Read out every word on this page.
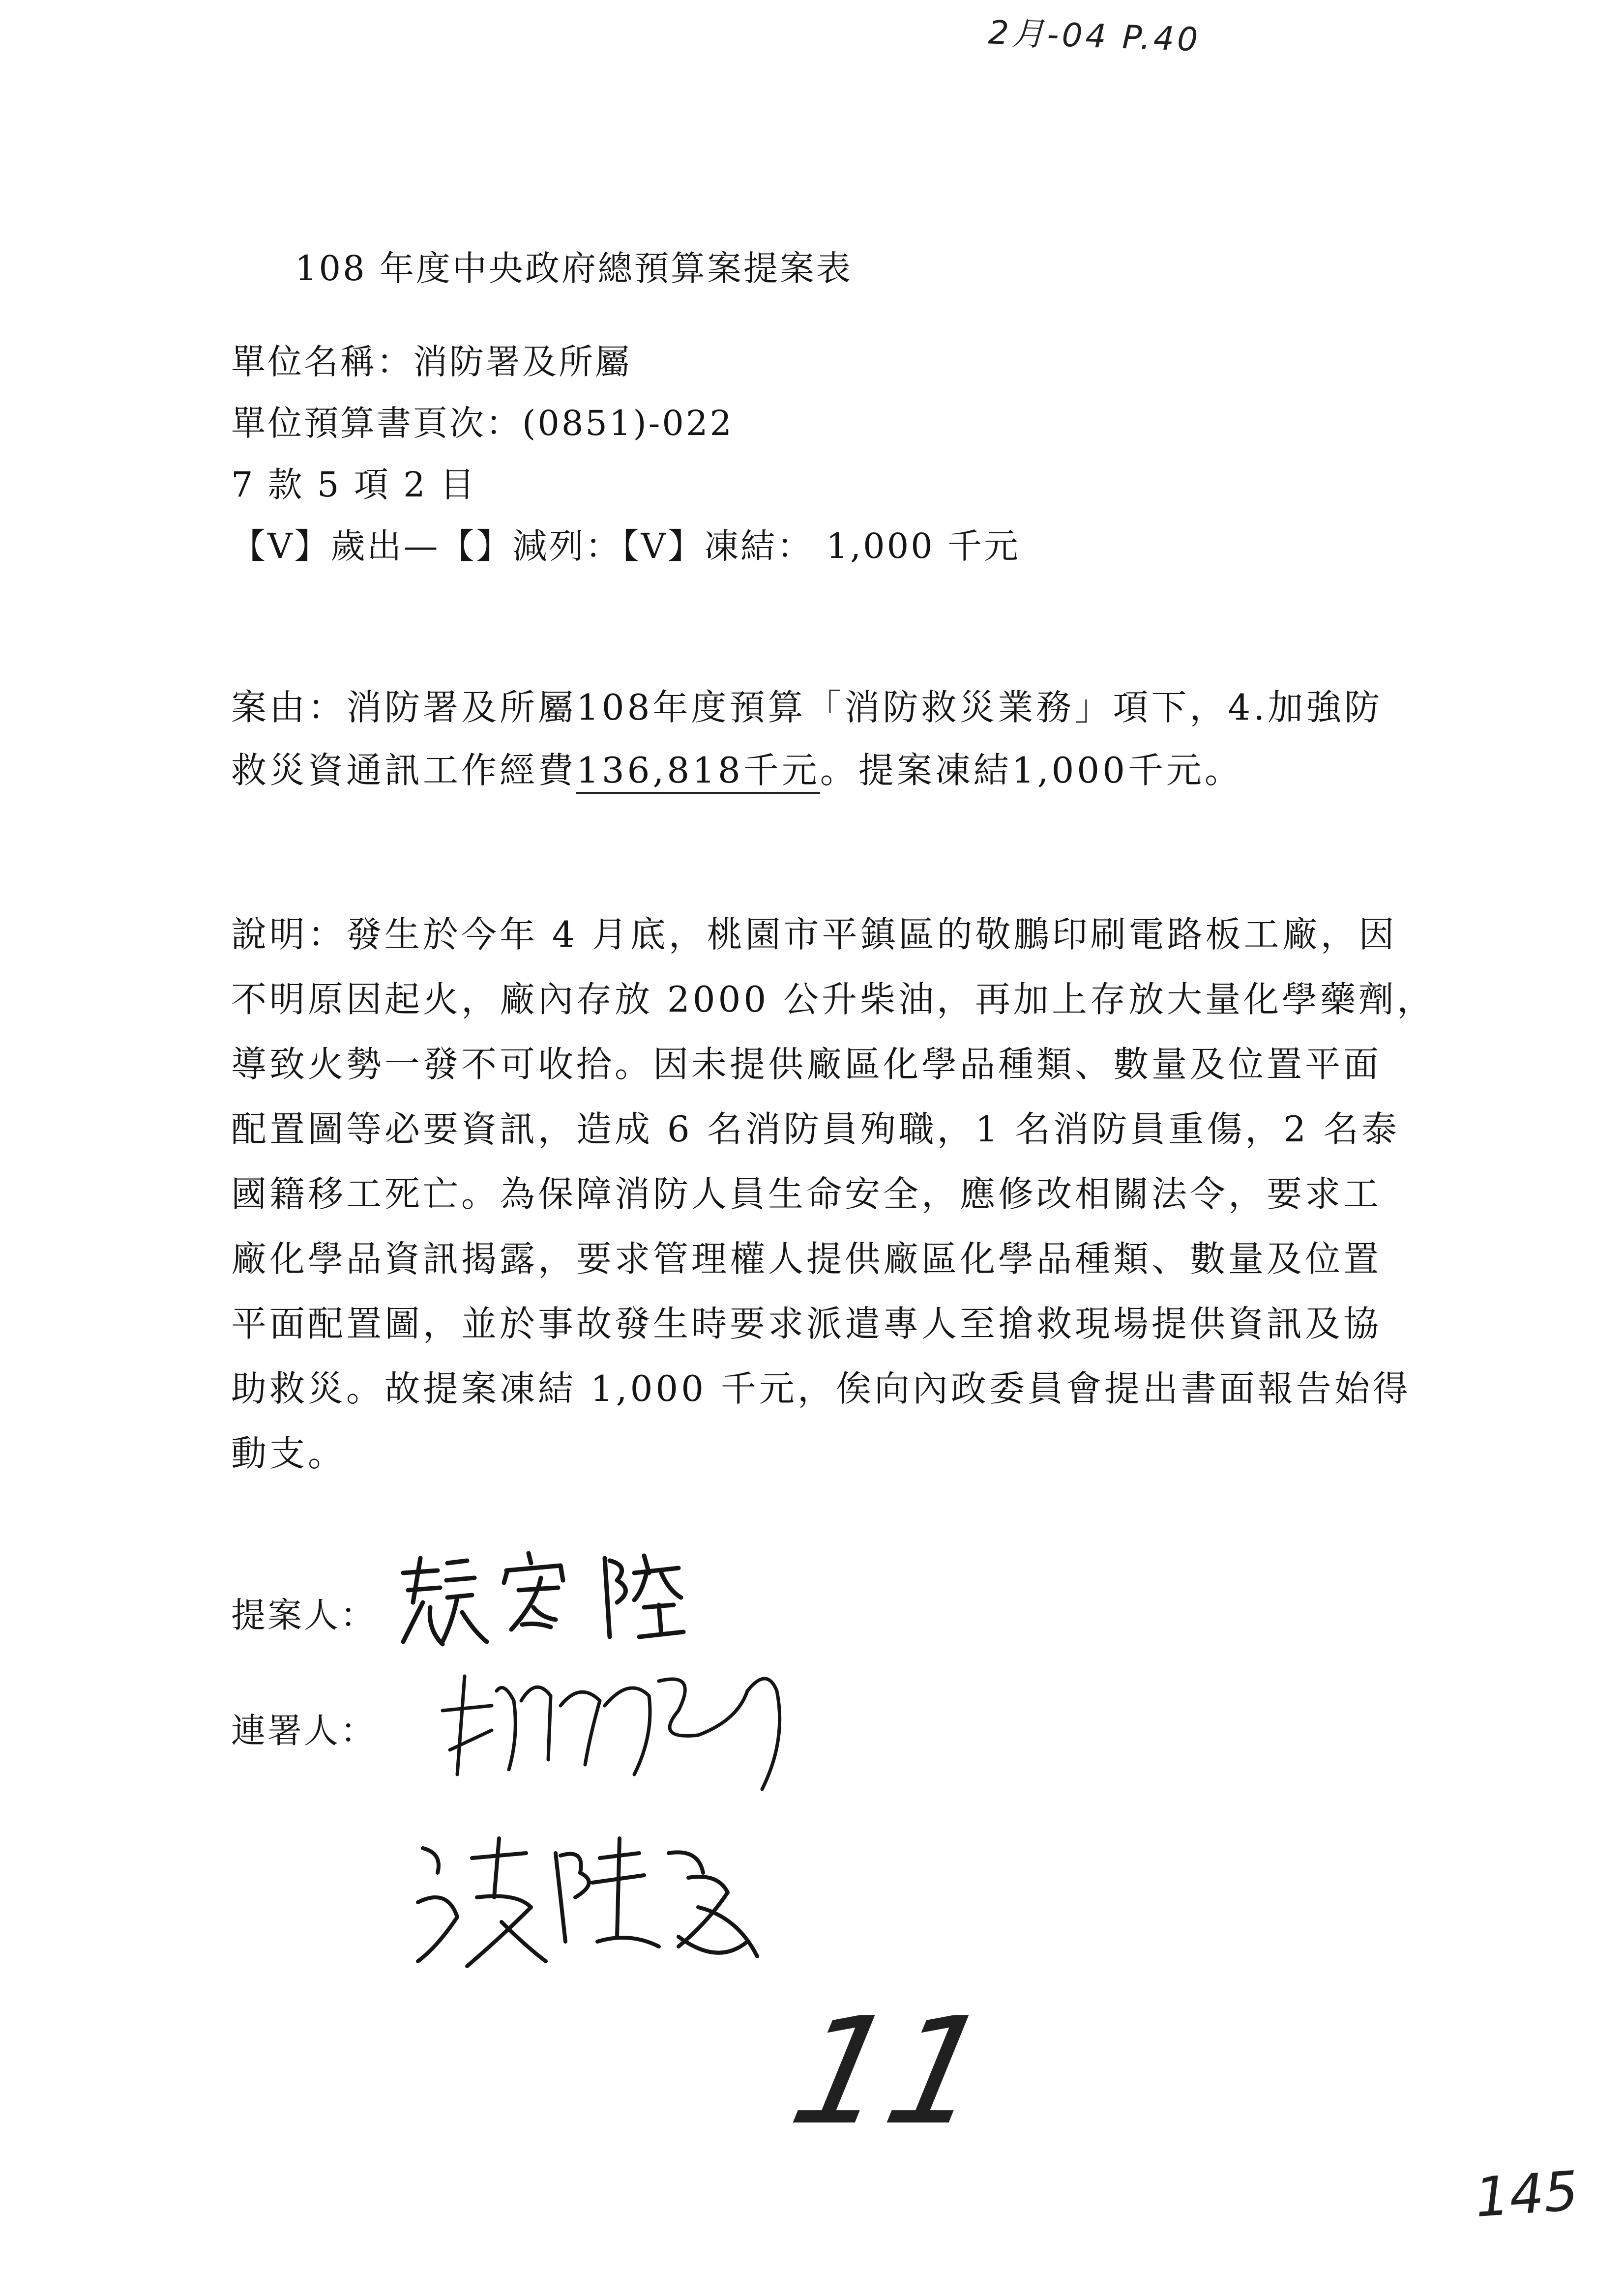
2月-04 P.40
108 年度中央政府總預算案提案表
單位名稱：消防署及所屬
單位預算書頁次：(0851)-022
7 款 5 項 2 目
【V】歲出—【】減列：【V】凍結： 1,000 千元
案由：消防署及所屬108年度預算「消防救災業務」項下，4.加強防
救災資通訊工作經費136,818千元。提案凍結1,000千元。
說明：發生於今年 4 月底，桃園市平鎮區的敬鵬印刷電路板工廠，因
不明原因起火，廠內存放 2000 公升柴油，再加上存放大量化學藥劑，
導致火勢一發不可收拾。因未提供廠區化學品種類、數量及位置平面
配置圖等必要資訊，造成 6 名消防員殉職，1 名消防員重傷，2 名泰
國籍移工死亡。為保障消防人員生命安全，應修改相關法令，要求工
廠化學品資訊揭露，要求管理權人提供廠區化學品種類、數量及位置
平面配置圖，並於事故發生時要求派遣專人至搶救現場提供資訊及協
助救災。故提案凍結 1,000 千元，俟向內政委員會提出書面報告始得
動支。
提案人：
連署人：
11
145
